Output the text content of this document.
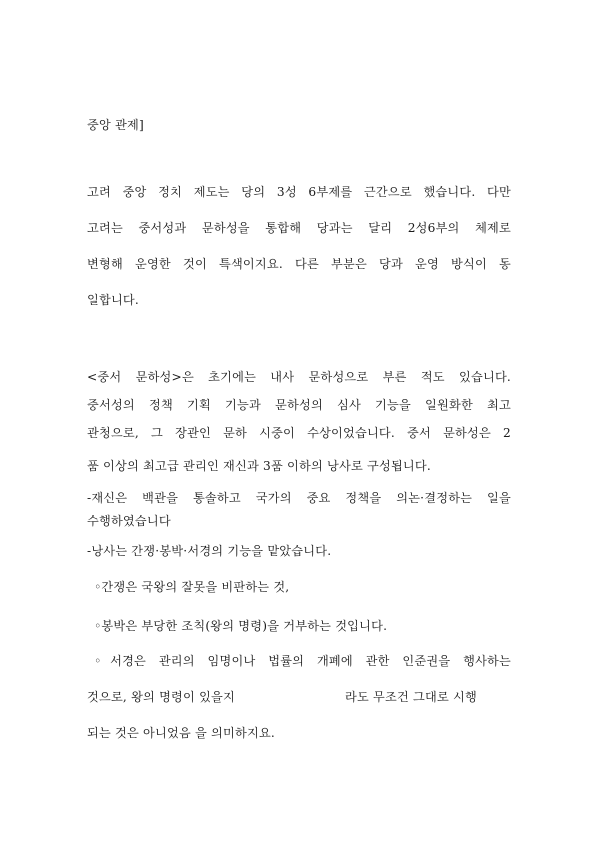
중앙 관제]
고려 중앙 정치 제도는 당의 3성 6부제를 근간으로 했습니다. 다만
고려는 중서성과 문하성을 통합해 당과는 달리 2성6부의 체제로
변형해 운영한 것이 특색이지요. 다른 부분은 당과 운영 방식이 동
일합니다.
<중서 문하성>은 초기에는 내사 문하성으로 부른 적도 있습니다.
중서성의 정책 기획 기능과 문하성의 심사 기능을 일원화한 최고
관청으로, 그 장관인 문하 시중이 수상이었습니다. 중서 문하성은 2
품 이상의 최고급 관리인 재신과 3품 이하의 낭사로 구성됩니다.
-재신은 백관을 통솔하고 국가의 중요 정책을 의논·결정하는 일을
수행하였습니다
-낭사는 간쟁·봉박·서경의 기능을 맡았습니다.
◦간쟁은 국왕의 잘못을 비판하는 것,
◦봉박은 부당한 조칙(왕의 명령)을 거부하는 것입니다.
◦서경은 관리의 임명이나 법률의 개폐에 관한 인준권을 행사하는
것으로, 왕의 명령이 있을지	라도 무조건 그대로 시행
되는 것은 아니었음 을 의미하지요.
